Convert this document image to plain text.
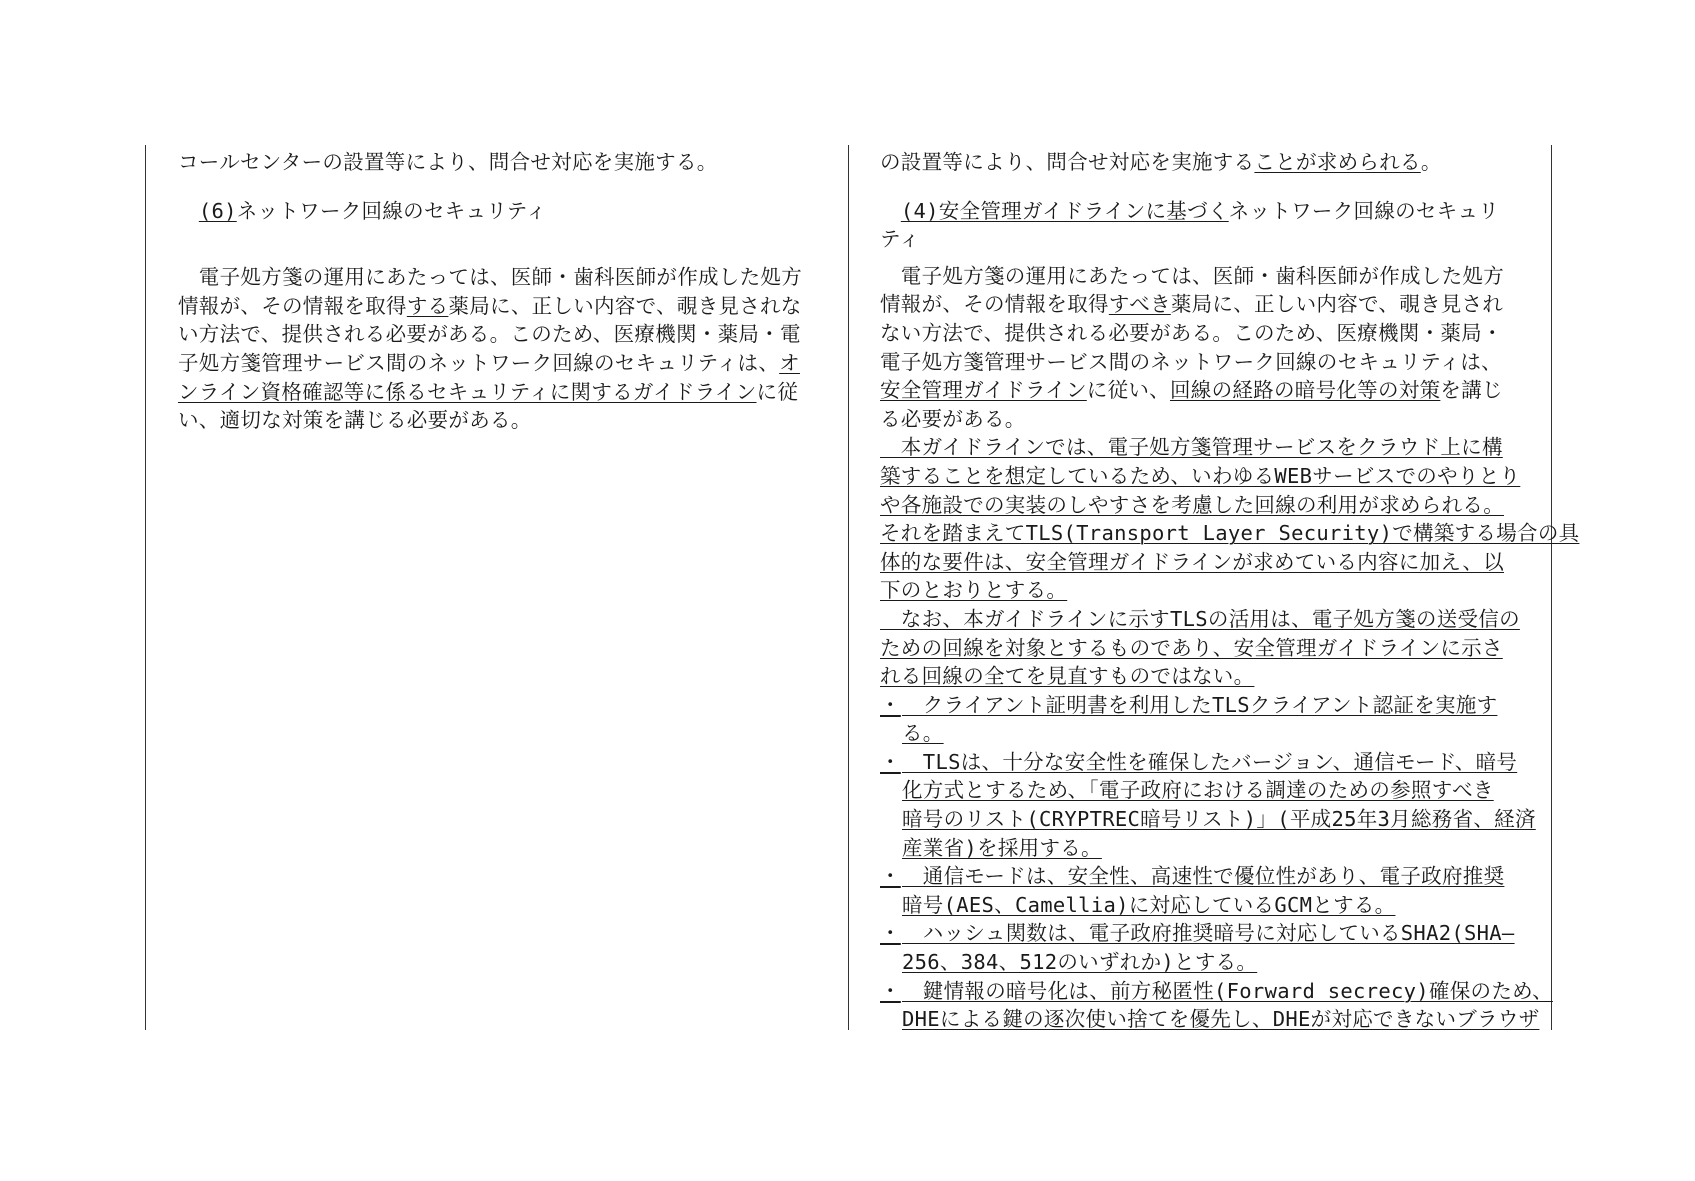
コールセンターの設置等により、問合せ対応を実施する。
　(6)ネットワーク回線のセキュリティ
　電子処方箋の運用にあたっては、医師・歯科医師が作成した処方
情報が、その情報を取得する薬局に、正しい内容で、覗き見されな
い方法で、提供される必要がある。このため、医療機関・薬局・電
子処方箋管理サービス間のネットワーク回線のセキュリティは、オ
ンライン資格確認等に係るセキュリティに関するガイドラインに従
い、適切な対策を講じる必要がある。
の設置等により、問合せ対応を実施することが求められる。
　(4)安全管理ガイドラインに基づくネットワーク回線のセキュリ
ティ
　電子処方箋の運用にあたっては、医師・歯科医師が作成した処方
情報が、その情報を取得すべき薬局に、正しい内容で、覗き見され
ない方法で、提供される必要がある。このため、医療機関・薬局・
電子処方箋管理サービス間のネットワーク回線のセキュリティは、
安全管理ガイドラインに従い、回線の経路の暗号化等の対策を講じ
る必要がある。
　本ガイドラインでは、電子処方箋管理サービスをクラウド上に構
築することを想定しているため、いわゆるWEBサービスでのやりとり
や各施設での実装のしやすさを考慮した回線の利用が求められる。
それを踏まえてTLS(Transport Layer Security)で構築する場合の具
体的な要件は、安全管理ガイドラインが求めている内容に加え、以
下のとおりとする。
　なお、本ガイドラインに示すTLSの活用は、電子処方箋の送受信の
ための回線を対象とするものであり、安全管理ガイドラインに示さ
れる回線の全てを見直すものではない。
・　クライアント証明書を利用したTLSクライアント認証を実施す
る。
・　TLSは、十分な安全性を確保したバージョン、通信モード、暗号
化方式とするため、「電子政府における調達のための参照すべき
暗号のリスト(CRYPTREC暗号リスト)」(平成25年3月総務省、経済
産業省)を採用する。
・　通信モードは、安全性、高速性で優位性があり、電子政府推奨
暗号(AES、Camellia)に対応しているGCMとする。
・　ハッシュ関数は、電子政府推奨暗号に対応しているSHA2(SHA―
256、384、512のいずれか)とする。
・　鍵情報の暗号化は、前方秘匿性(Forward secrecy)確保のため、
DHEによる鍵の逐次使い捨てを優先し、DHEが対応できないブラウザ
